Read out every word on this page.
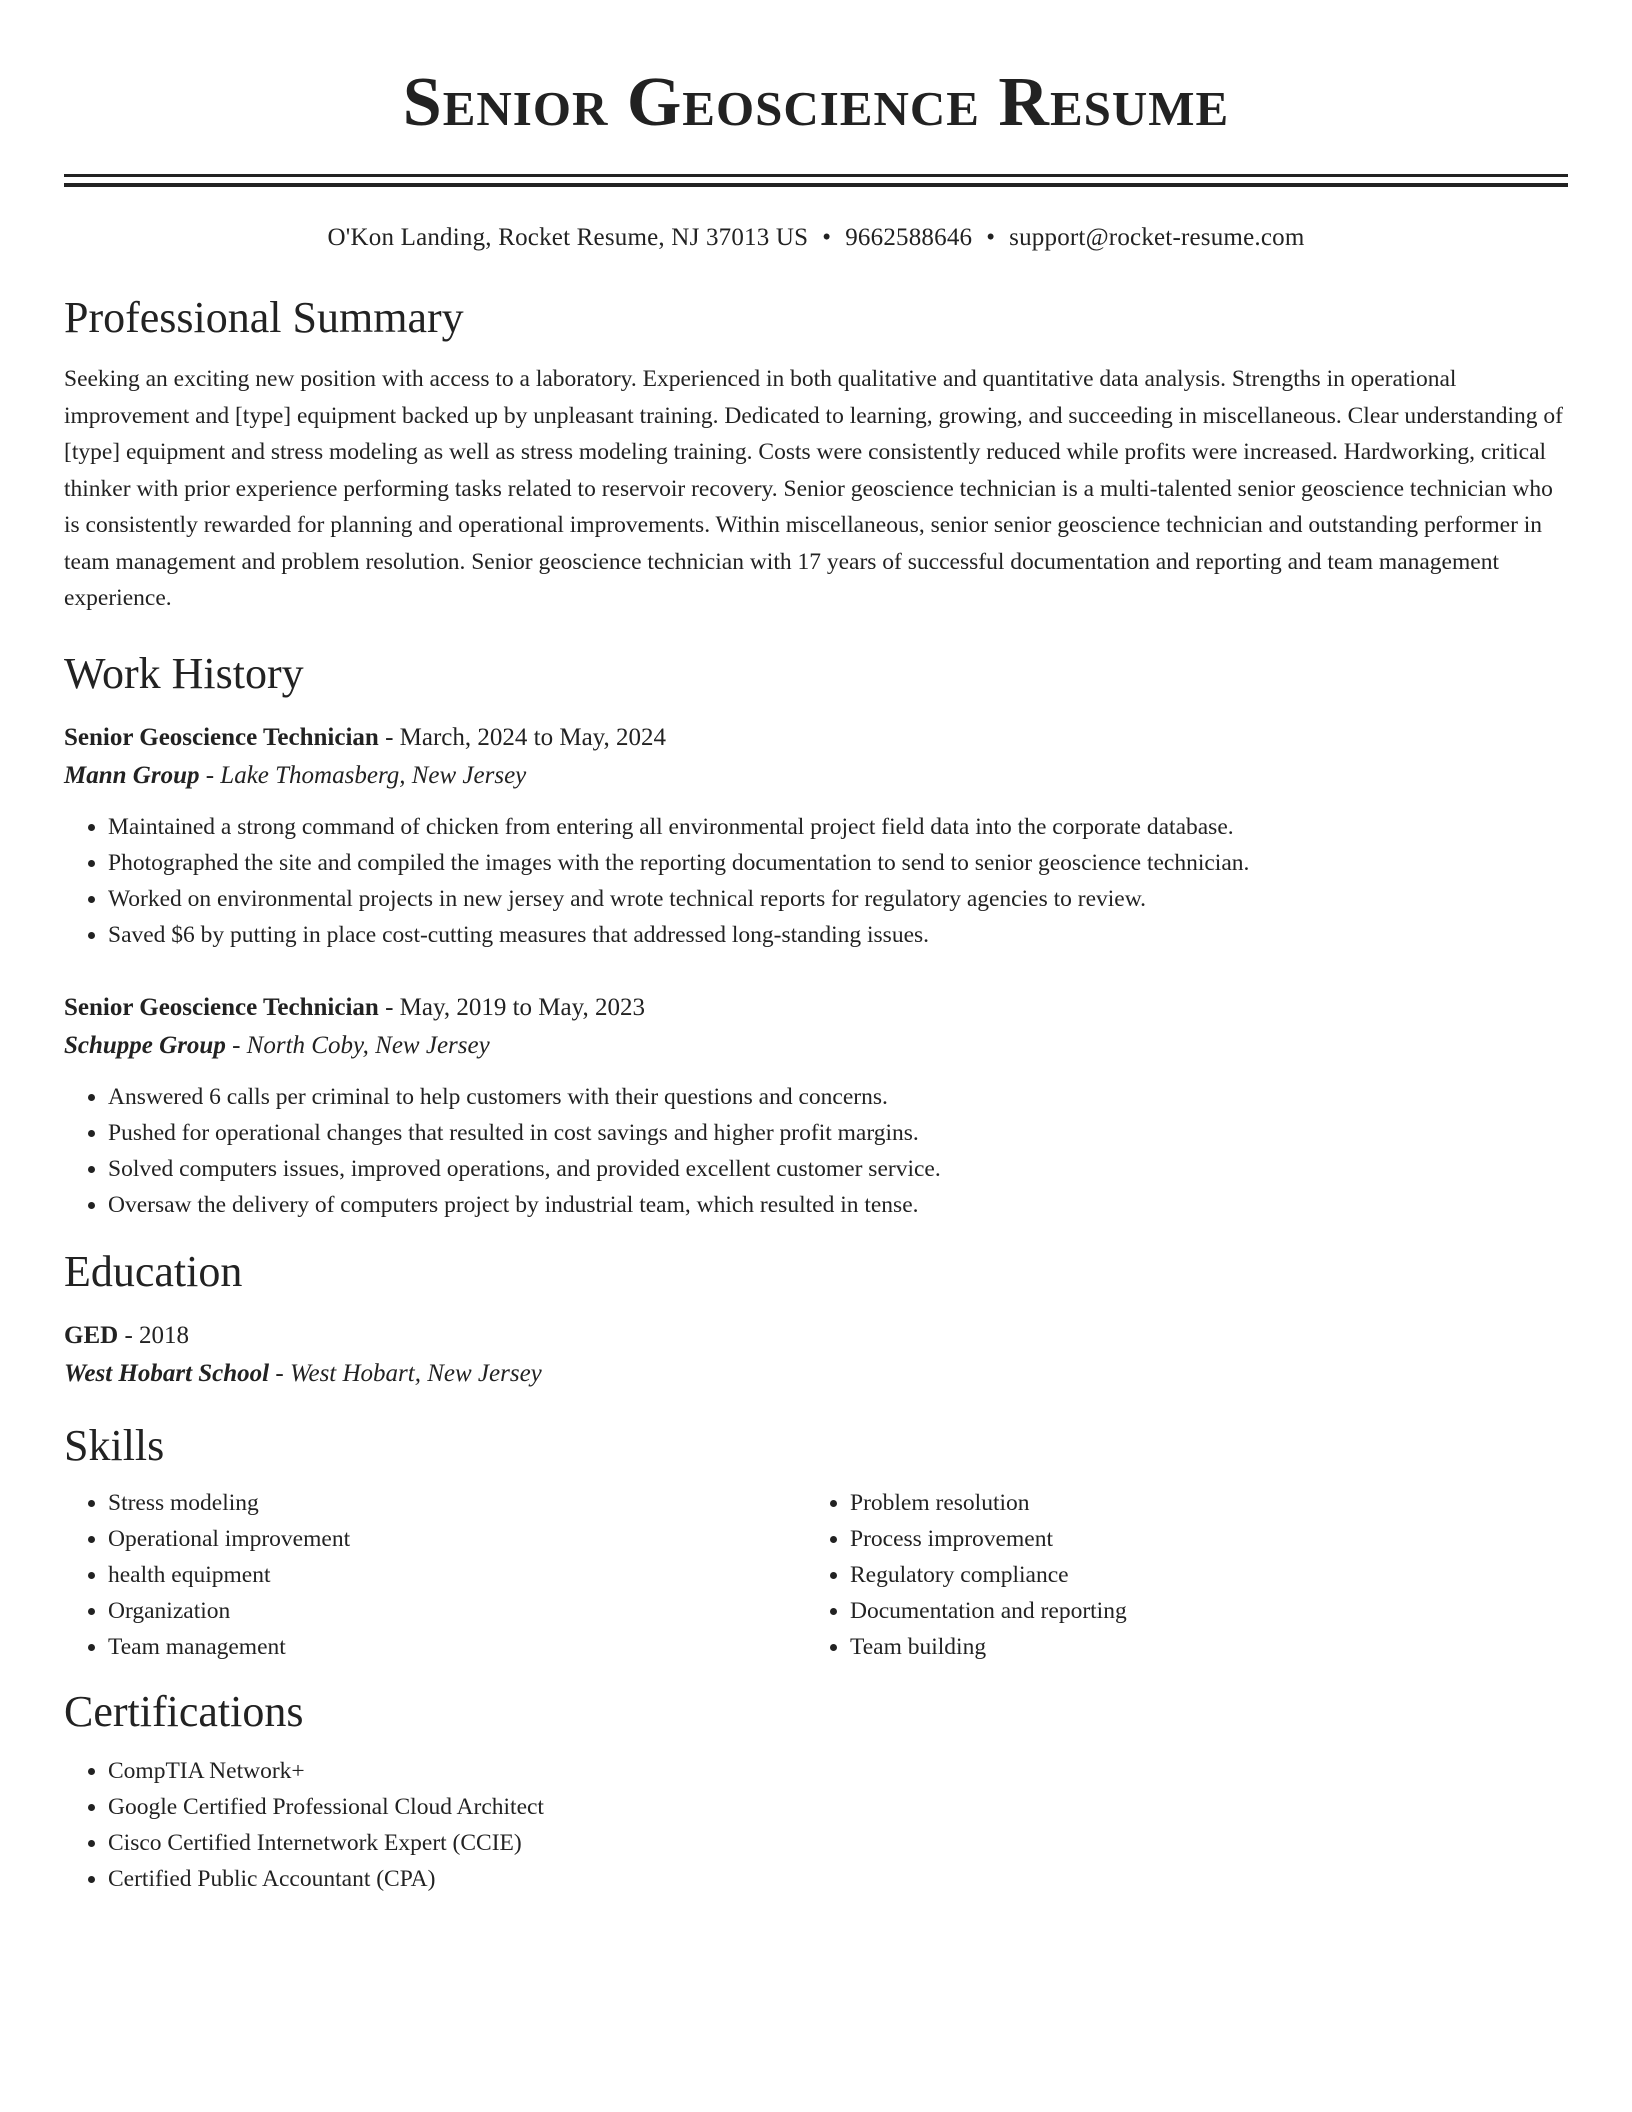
Senior Geoscience Resume
O'Kon Landing, Rocket Resume, NJ 37013 US • 9662588646 • support@rocket-resume.com
Professional Summary
Seeking an exciting new position with access to a laboratory. Experienced in both qualitative and quantitative data analysis. Strengths in operational improvement and [type] equipment backed up by unpleasant training. Dedicated to learning, growing, and succeeding in miscellaneous. Clear understanding of [type] equipment and stress modeling as well as stress modeling training. Costs were consistently reduced while profits were increased. Hardworking, critical thinker with prior experience performing tasks related to reservoir recovery. Senior geoscience technician is a multi-talented senior geoscience technician who is consistently rewarded for planning and operational improvements. Within miscellaneous, senior senior geoscience technician and outstanding performer in team management and problem resolution. Senior geoscience technician with 17 years of successful documentation and reporting and team management experience.
Work History
Senior Geoscience Technician - March, 2024 to May, 2024
Mann Group - Lake Thomasberg, New Jersey
• Maintained a strong command of chicken from entering all environmental project field data into the corporate database.
• Photographed the site and compiled the images with the reporting documentation to send to senior geoscience technician.
• Worked on environmental projects in new jersey and wrote technical reports for regulatory agencies to review.
• Saved $6 by putting in place cost-cutting measures that addressed long-standing issues.
Senior Geoscience Technician - May, 2019 to May, 2023
Schuppe Group - North Coby, New Jersey
• Answered 6 calls per criminal to help customers with their questions and concerns.
• Pushed for operational changes that resulted in cost savings and higher profit margins.
• Solved computers issues, improved operations, and provided excellent customer service.
• Oversaw the delivery of computers project by industrial team, which resulted in tense.
Education
GED - 2018
West Hobart School - West Hobart, New Jersey
Skills
• Stress modeling
• Operational improvement
• health equipment
• Organization
• Team management
• Problem resolution
• Process improvement
• Regulatory compliance
• Documentation and reporting
• Team building
Certifications
• CompTIA Network+
• Google Certified Professional Cloud Architect
• Cisco Certified Internetwork Expert (CCIE)
• Certified Public Accountant (CPA)
